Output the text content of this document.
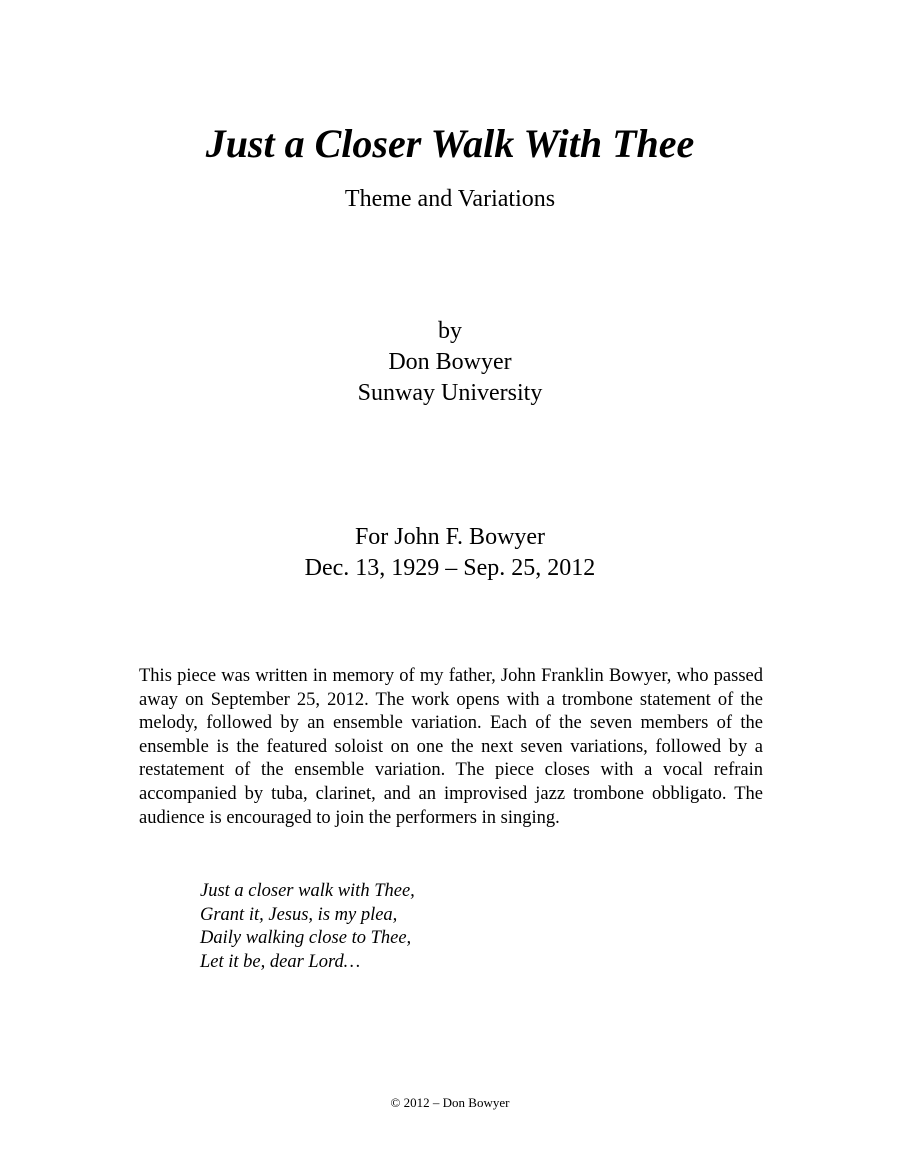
Just a Closer Walk With Thee
Theme and Variations
by
Don Bowyer
Sunway University
For John F. Bowyer
Dec. 13, 1929 – Sep. 25, 2012

This piece was written in memory of my father, John Franklin Bowyer, who passed away on September 25, 2012. The work opens with a trombone statement of the melody, followed by an ensemble variation. Each of the seven members of the ensemble is the featured soloist on one the next seven variations, followed by a restatement of the ensemble variation. The piece closes with a vocal refrain accompanied by tuba, clarinet, and an improvised jazz trombone obbligato. The audience is encouraged to join the performers in singing.

Just a closer walk with Thee,
Grant it, Jesus, is my plea,
Daily walking close to Thee,
Let it be, dear Lord…
© 2012 – Don Bowyer
